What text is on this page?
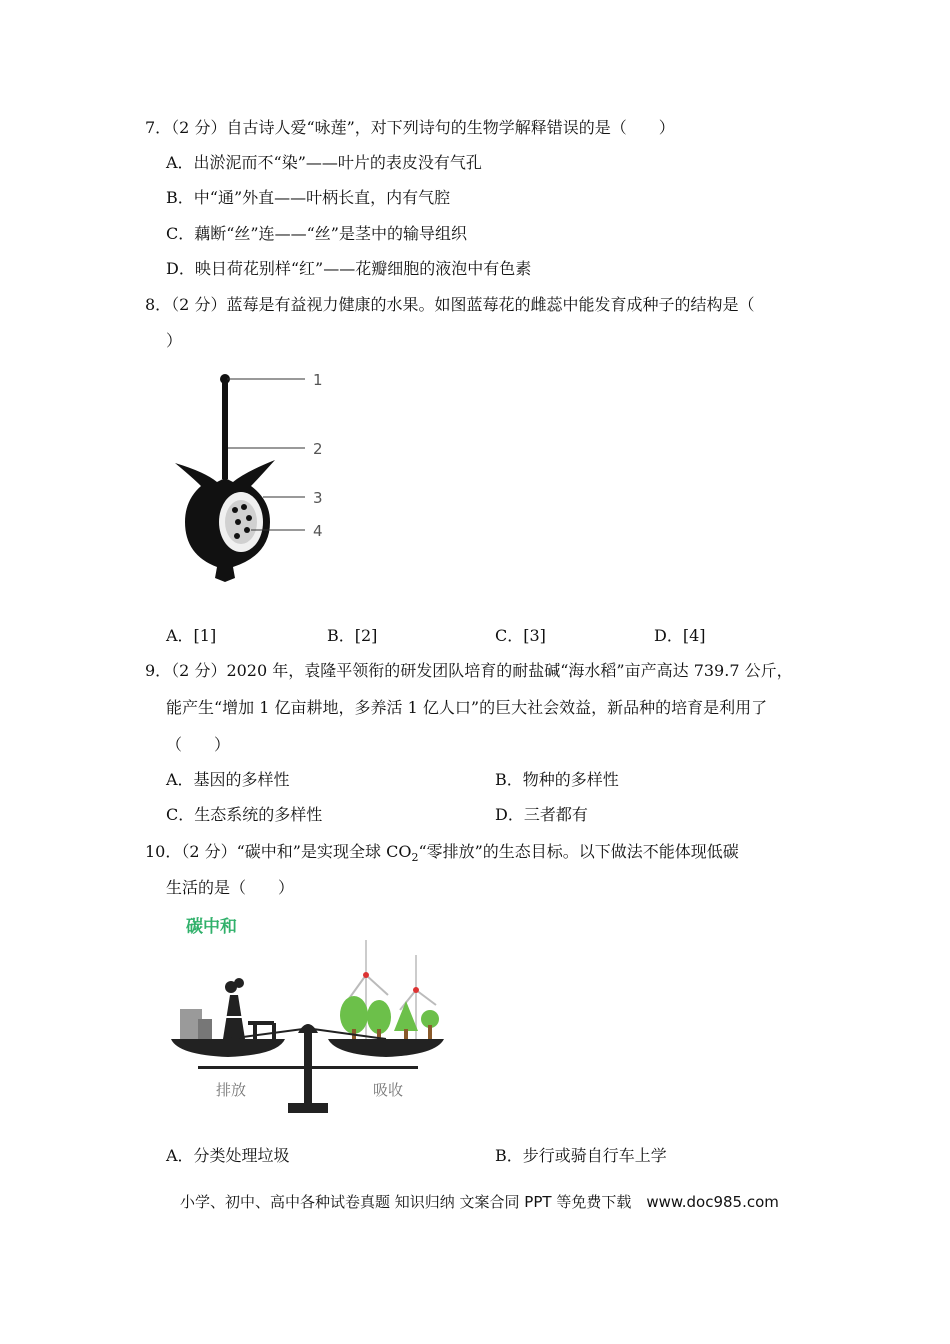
7．（2 分）自古诗人爱“咏莲”，对下列诗句的生物学解释错误的是（　　）
A．出淤泥而不“染”——叶片的表皮没有气孔
B．中“通”外直——叶柄长直，内有气腔
C．藕断“丝”连——“丝”是茎中的输导组织
D．映日荷花别样“红”——花瓣细胞的液泡中有色素
8．（2 分）蓝莓是有益视力健康的水果。如图蓝莓花的雌蕊中能发育成种子的结构是（
）
1
2
3
4
A．[1]	B．[2]	C．[3]	D．[4]
9．（2 分）2020 年，袁隆平领衔的研发团队培育的耐盐碱“海水稻”亩产高达 739.7 公斤，
能产生“增加 1 亿亩耕地，多养活 1 亿人口”的巨大社会效益，新品种的培育是利用了
（　　）
A．基因的多样性	B．物种的多样性
C．生态系统的多样性	D．三者都有
10．（2 分）“碳中和”是实现全球 $CO_2“$零排放”的生态目标。以下做法不能体现低碳
生活的是（　　）
碳中和
排放	吸收
A．分类处理垃圾	B．步行或骑自行车上学
小学、初中、高中各种试卷真题 知识归纳 文案合同 PPT 等免费下载　www.doc985.com
